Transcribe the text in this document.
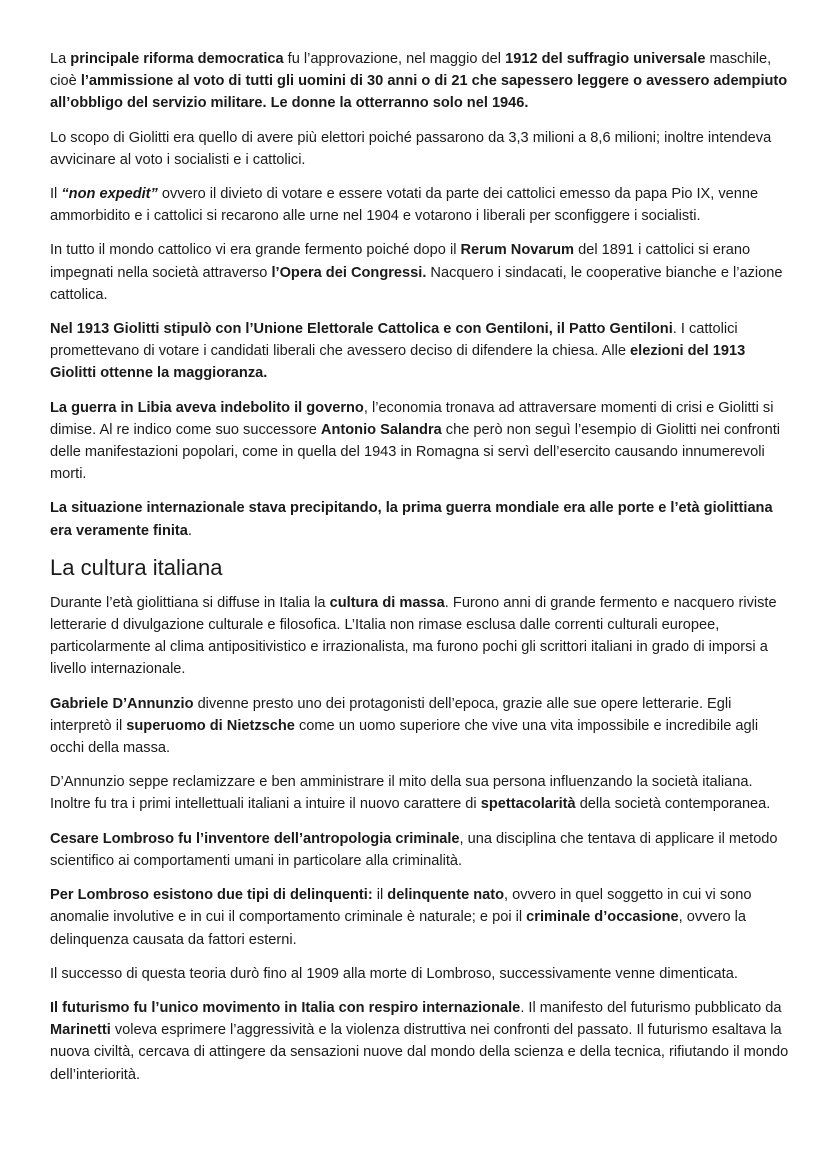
La principale riforma democratica fu l’approvazione, nel maggio del 1912 del suffragio universale maschile, cioè l’ammissione al voto di tutti gli uomini di 30 anni o di 21 che sapessero leggere o avessero adempiuto all’obbligo del servizio militare. Le donne la otterranno solo nel 1946.

Lo scopo di Giolitti era quello di avere più elettori poiché passarono da 3,3 milioni a 8,6 milioni; inoltre intendeva avvicinare al voto i socialisti e i cattolici.

Il “non expedit” ovvero il divieto di votare e essere votati da parte dei cattolici emesso da papa Pio IX, venne ammorbidito e i cattolici si recarono alle urne nel 1904 e votarono i liberali per sconfiggere i socialisti.

In tutto il mondo cattolico vi era grande fermento poiché dopo il Rerum Novarum del 1891 i cattolici si erano impegnati nella società attraverso l’Opera dei Congressi. Nacquero i sindacati, le cooperative bianche e l’azione cattolica.

Nel 1913 Giolitti stipulò con l’Unione Elettorale Cattolica e con Gentiloni, il Patto Gentiloni. I cattolici promettevano di votare i candidati liberali che avessero deciso di difendere la chiesa. Alle elezioni del 1913 Giolitti ottenne la maggioranza.

La guerra in Libia aveva indebolito il governo, l’economia tronava ad attraversare momenti di crisi e Giolitti si dimise. Al re indico come suo successore Antonio Salandra che però non seguì l’esempio di Giolitti nei confronti delle manifestazioni popolari, come in quella del 1943 in Romagna si servì dell’esercito causando innumerevoli morti.

La situazione internazionale stava precipitando, la prima guerra mondiale era alle porte e l’età giolittiana era veramente finita.

La cultura italiana

Durante l’età giolittiana si diffuse in Italia la cultura di massa. Furono anni di grande fermento e nacquero riviste letterarie d divulgazione culturale e filosofica. L’Italia non rimase esclusa dalle correnti culturali europee, particolarmente al clima antipositivistico e irrazionalista, ma furono pochi gli scrittori italiani in grado di imporsi a livello internazionale.

Gabriele D’Annunzio divenne presto uno dei protagonisti dell’epoca, grazie alle sue opere letterarie. Egli interpretò il superuomo di Nietzsche come un uomo superiore che vive una vita impossibile e incredibile agli occhi della massa.

D’Annunzio seppe reclamizzare e ben amministrare il mito della sua persona influenzando la società italiana. Inoltre fu tra i primi intellettuali italiani a intuire il nuovo carattere di spettacolarità della società contemporanea.

Cesare Lombroso fu l’inventore dell’antropologia criminale, una disciplina che tentava di applicare il metodo scientifico ai comportamenti umani in particolare alla criminalità.

Per Lombroso esistono due tipi di delinquenti: il delinquente nato, ovvero in quel soggetto in cui vi sono anomalie involutive e in cui il comportamento criminale è naturale; e poi il criminale d’occasione, ovvero la delinquenza causata da fattori esterni.

Il successo di questa teoria durò fino al 1909 alla morte di Lombroso, successivamente venne dimenticata.

Il futurismo fu l’unico movimento in Italia con respiro internazionale. Il manifesto del futurismo pubblicato da Marinetti voleva esprimere l’aggressività e la violenza distruttiva nei confronti del passato. Il futurismo esaltava la nuova civiltà, cercava di attingere da sensazioni nuove dal mondo della scienza e della tecnica, rifiutando il mondo dell’interiorità.
